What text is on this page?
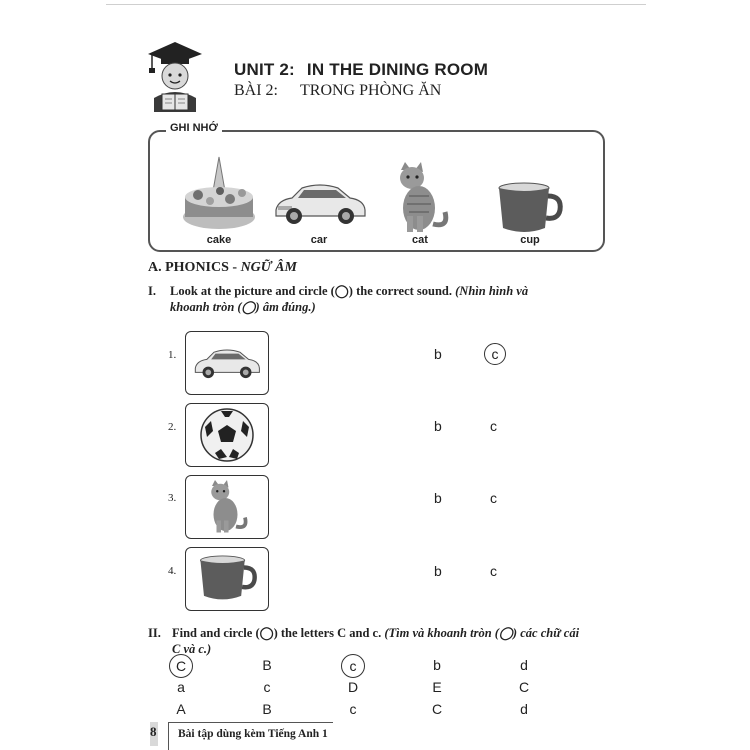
UNIT 2: IN THE DINING ROOM
BÀI 2: TRONG PHÒNG ĂN
GHI NHỚ
cake	car	cat	cup
A. PHONICS - NGỮ ÂM
I. Look at the picture and circle (◯) the correct sound. (Nhìn hình và
khoanh tròn (◯) âm đúng.)
1.	b	c
2.	b	c
3.	b	c
4.	b	c
II. Find and circle (◯) the letters C and c. (Tìm và khoanh tròn (◯) các chữ cái
C và c.)
C	B	c	b	d
a	c	D	E	C
A	B	c	C	d
8	Bài tập dùng kèm Tiếng Anh 1
